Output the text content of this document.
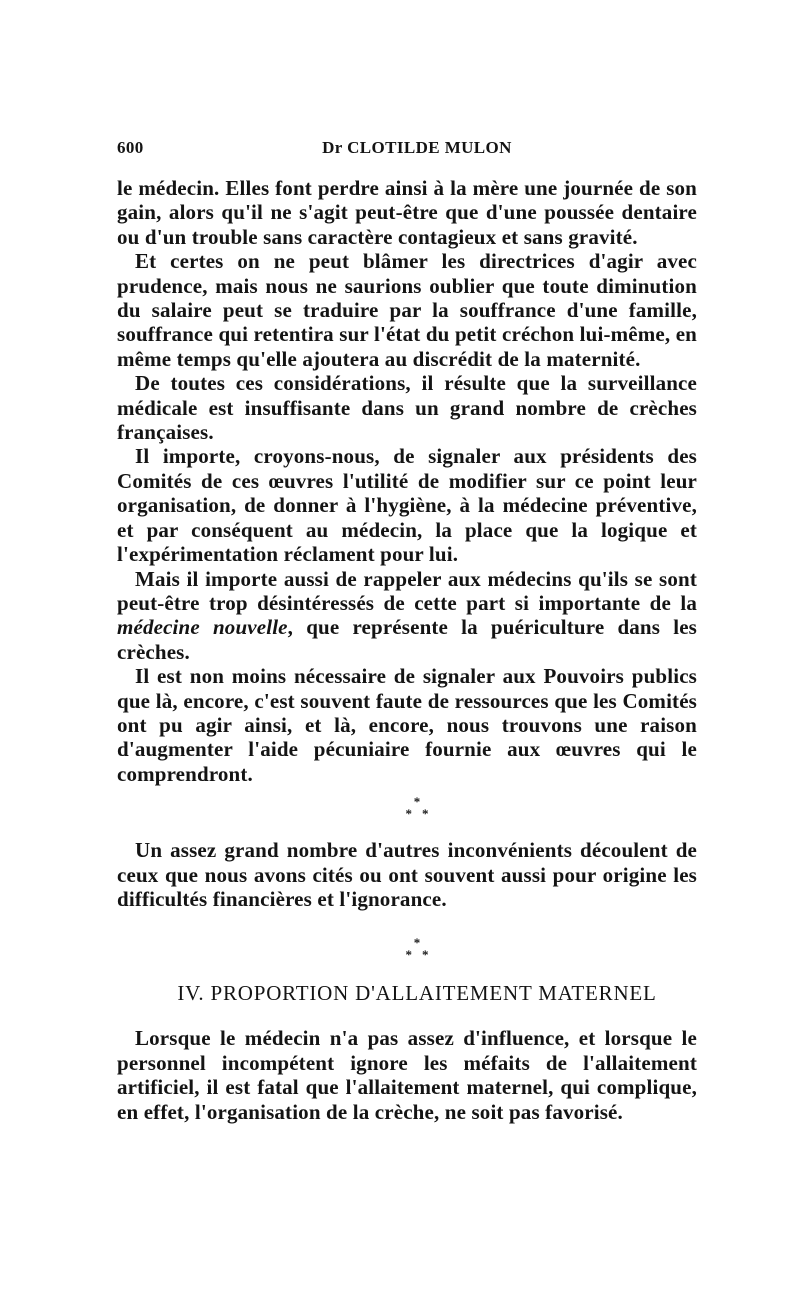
600	Dr CLOTILDE MULON

le médecin. Elles font perdre ainsi à la mère une journée de son gain, alors qu'il ne s'agit peut-être que d'une poussée dentaire ou d'un trouble sans caractère contagieux et sans gravité.

Et certes on ne peut blâmer les directrices d'agir avec prudence, mais nous ne saurions oublier que toute diminution du salaire peut se traduire par la souffrance d'une famille, souffrance qui retentira sur l'état du petit créchon lui-même, en même temps qu'elle ajoutera au discrédit de la maternité.

De toutes ces considérations, il résulte que la surveillance médicale est insuffisante dans un grand nombre de crèches françaises.

Il importe, croyons-nous, de signaler aux présidents des Comités de ces œuvres l'utilité de modifier sur ce point leur organisation, de donner à l'hygiène, à la médecine préventive, et par conséquent au médecin, la place que la logique et l'expérimentation réclament pour lui.

Mais il importe aussi de rappeler aux médecins qu'ils se sont peut-être trop désintéressés de cette part si importante de la médecine nouvelle, que représente la puériculture dans les crèches.

Il est non moins nécessaire de signaler aux Pouvoirs publics que là, encore, c'est souvent faute de ressources que les Comités ont pu agir ainsi, et là, encore, nous trouvons une raison d'augmenter l'aide pécuniaire fournie aux œuvres qui le comprendront.

*
**

Un assez grand nombre d'autres inconvénients découlent de ceux que nous avons cités ou ont souvent aussi pour origine les difficultés financières et l'ignorance.

*
**
IV. PROPORTION D'ALLAITEMENT MATERNEL

Lorsque le médecin n'a pas assez d'influence, et lorsque le personnel incompétent ignore les méfaits de l'allaitement artificiel, il est fatal que l'allaitement maternel, qui complique, en effet, l'organisation de la crèche, ne soit pas favorisé.
